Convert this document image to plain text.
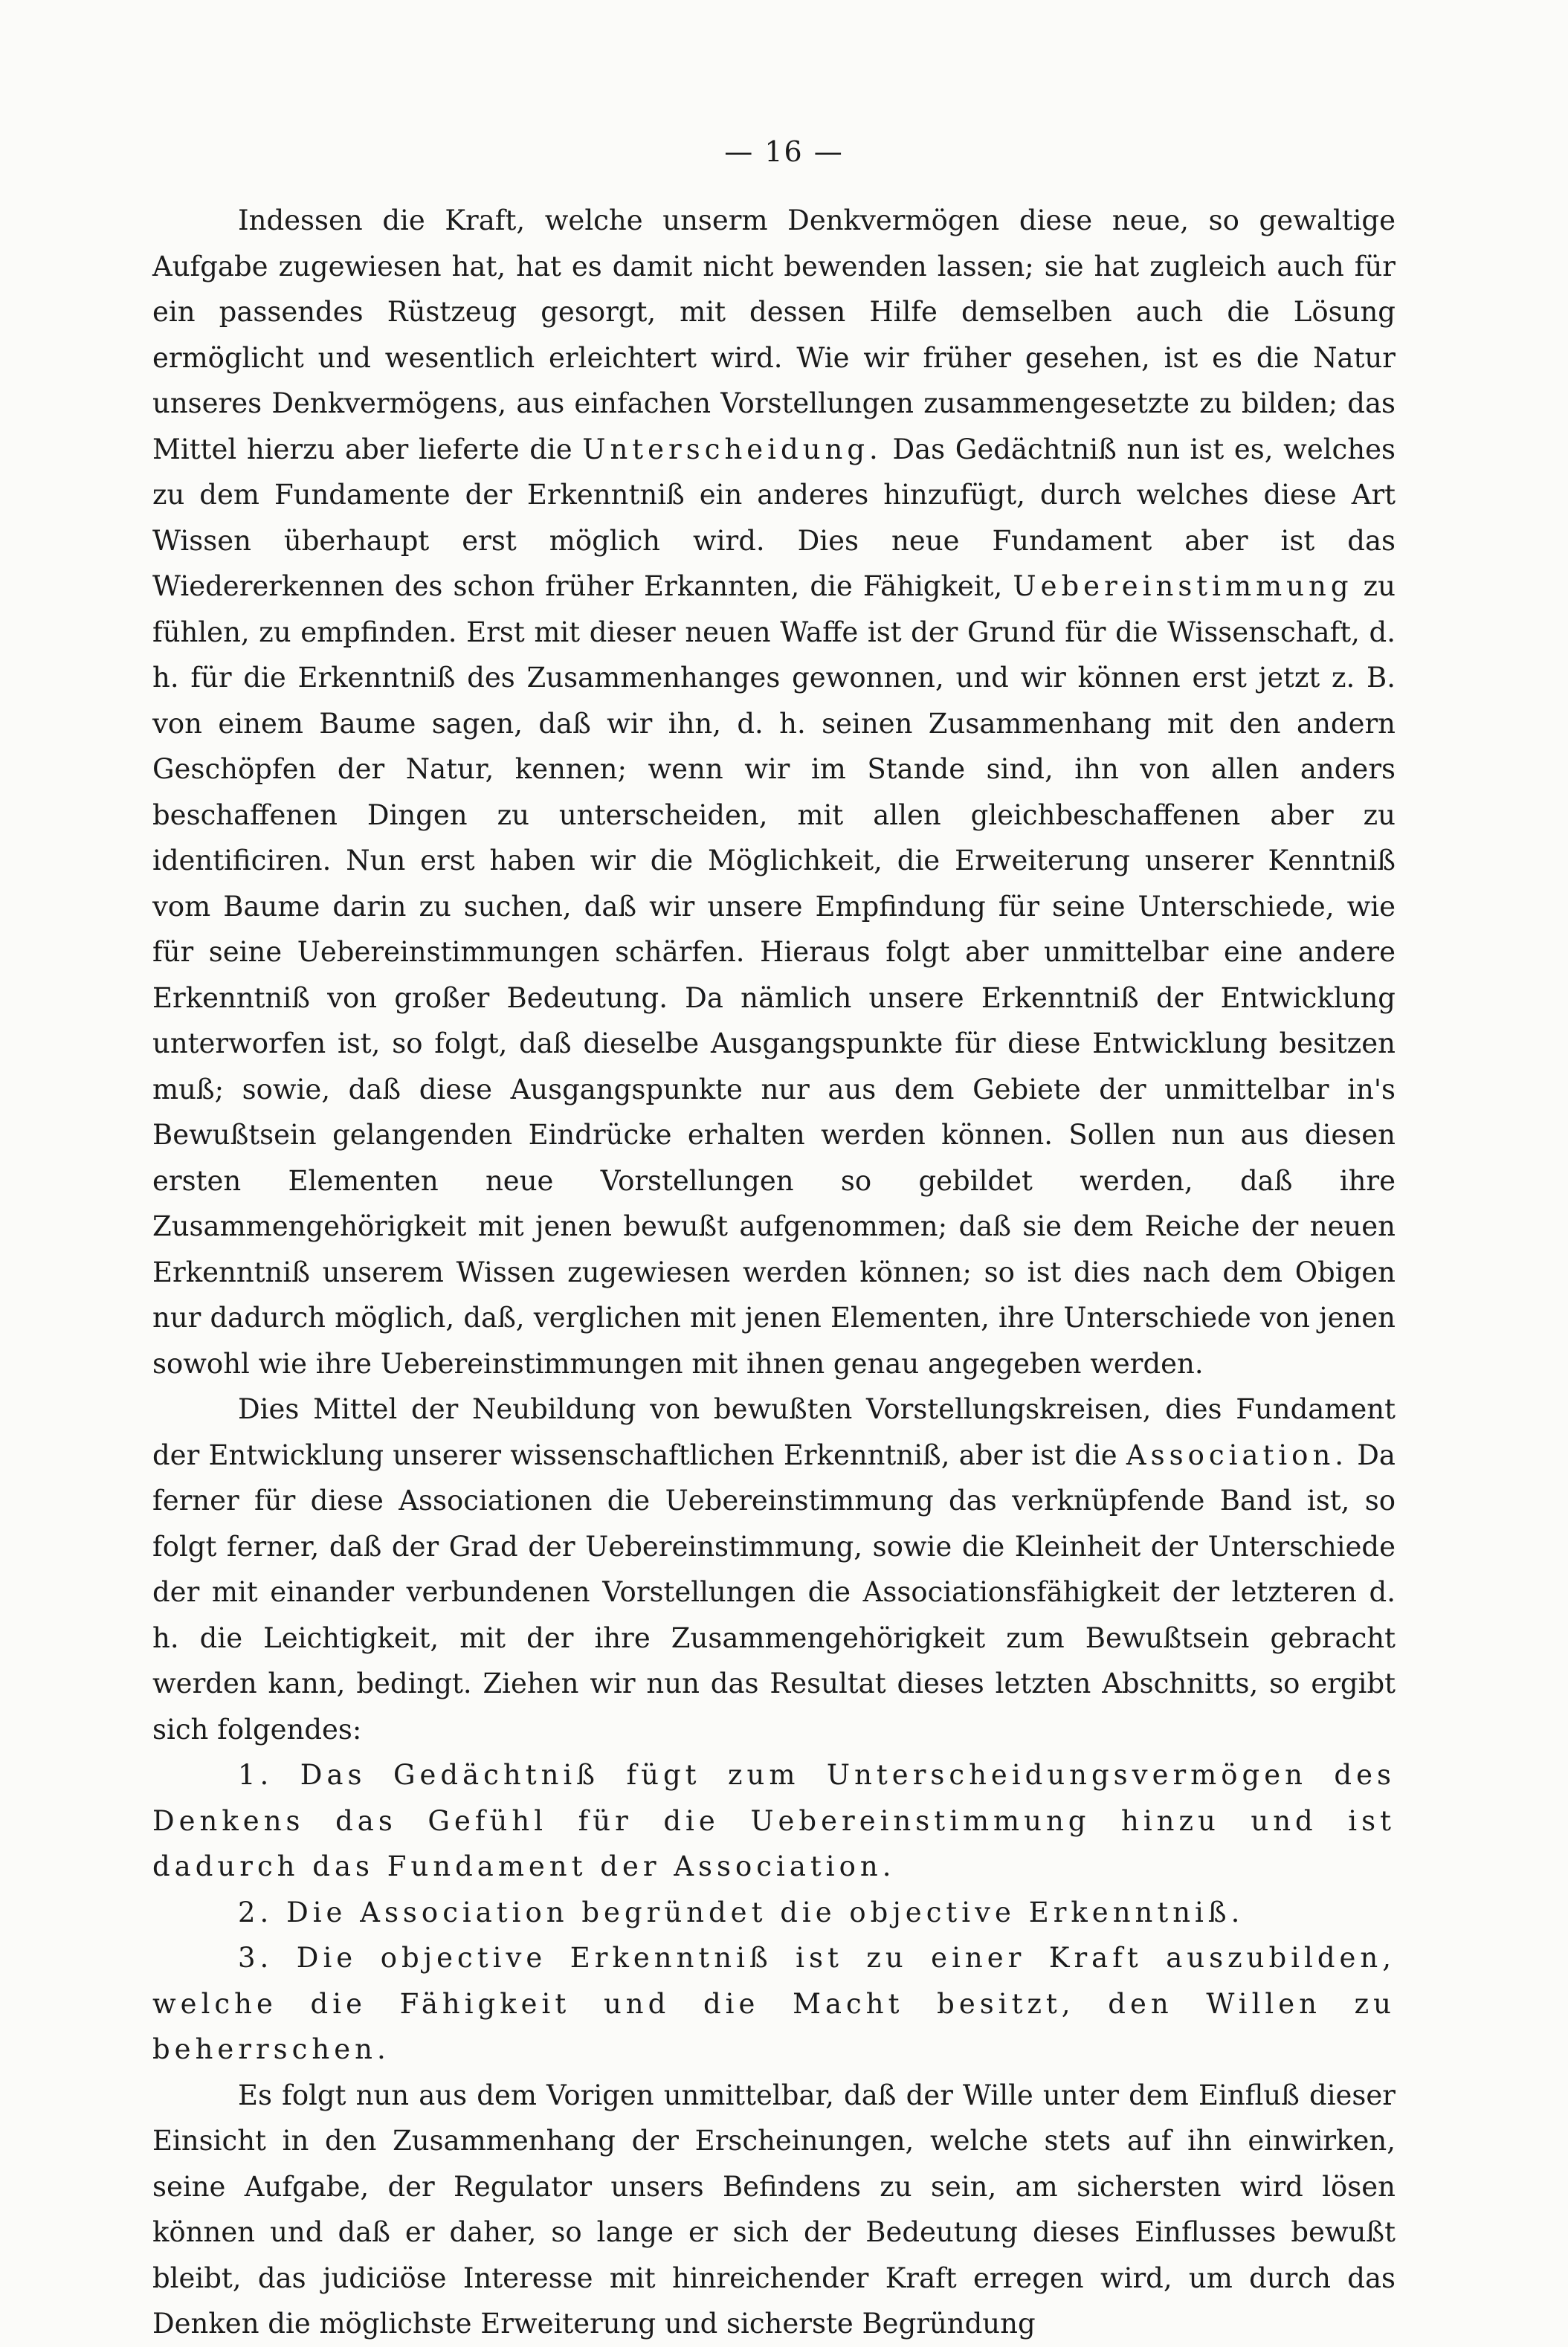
— 16 —

Indessen die Kraft, welche unserm Denkvermögen diese neue, so gewaltige Aufgabe zugewiesen hat, hat es damit nicht bewenden lassen; sie hat zugleich auch für ein passendes Rüstzeug gesorgt, mit dessen Hilfe demselben auch die Lösung ermöglicht und wesentlich erleichtert wird. Wie wir früher gesehen, ist es die Natur unseres Denkvermögens, aus einfachen Vorstellungen zusammengesetzte zu bilden; das Mittel hierzu aber lieferte die Unterscheidung. Das Gedächtniß nun ist es, welches zu dem Fundamente der Erkenntniß ein anderes hinzufügt, durch welches diese Art Wissen überhaupt erst möglich wird. Dies neue Fundament aber ist das Wiedererkennen des schon früher Erkannten, die Fähigkeit, Uebereinstimmung zu fühlen, zu empfinden. Erst mit dieser neuen Waffe ist der Grund für die Wissenschaft, d. h. für die Erkenntniß des Zusammenhanges gewonnen, und wir können erst jetzt z. B. von einem Baume sagen, daß wir ihn, d. h. seinen Zusammenhang mit den andern Geschöpfen der Natur, kennen; wenn wir im Stande sind, ihn von allen anders beschaffenen Dingen zu unterscheiden, mit allen gleichbeschaffenen aber zu identificiren. Nun erst haben wir die Möglichkeit, die Erweiterung unserer Kenntniß vom Baume darin zu suchen, daß wir unsere Empfindung für seine Unterschiede, wie für seine Uebereinstimmungen schärfen. Hieraus folgt aber unmittelbar eine andere Erkenntniß von großer Bedeutung. Da nämlich unsere Erkenntniß der Entwicklung unterworfen ist, so folgt, daß dieselbe Ausgangspunkte für diese Entwicklung besitzen muß; sowie, daß diese Ausgangspunkte nur aus dem Gebiete der unmittelbar in's Bewußtsein gelangenden Eindrücke erhalten werden können. Sollen nun aus diesen ersten Elementen neue Vorstellungen so gebildet werden, daß ihre Zusammengehörigkeit mit jenen bewußt aufgenommen; daß sie dem Reiche der neuen Erkenntniß unserem Wissen zugewiesen werden können; so ist dies nach dem Obigen nur dadurch möglich, daß, verglichen mit jenen Elementen, ihre Unterschiede von jenen sowohl wie ihre Uebereinstimmungen mit ihnen genau angegeben werden.

Dies Mittel der Neubildung von bewußten Vorstellungskreisen, dies Fundament der Entwicklung unserer wissenschaftlichen Erkenntniß, aber ist die Association. Da ferner für diese Associationen die Uebereinstimmung das verknüpfende Band ist, so folgt ferner, daß der Grad der Uebereinstimmung, sowie die Kleinheit der Unterschiede der mit einander verbundenen Vorstellungen die Associationsfähigkeit der letzteren d. h. die Leichtigkeit, mit der ihre Zusammengehörigkeit zum Bewußtsein gebracht werden kann, bedingt. Ziehen wir nun das Resultat dieses letzten Abschnitts, so ergibt sich folgendes:

1. Das Gedächtniß fügt zum Unterscheidungsvermögen des Denkens das Gefühl für die Uebereinstimmung hinzu und ist dadurch das Fundament der Association.

2. Die Association begründet die objective Erkenntniß.

3. Die objective Erkenntniß ist zu einer Kraft auszubilden, welche die Fähigkeit und die Macht besitzt, den Willen zu beherrschen.

Es folgt nun aus dem Vorigen unmittelbar, daß der Wille unter dem Einfluß dieser Einsicht in den Zusammenhang der Erscheinungen, welche stets auf ihn einwirken, seine Aufgabe, der Regulator unsers Befindens zu sein, am sichersten wird lösen können und daß er daher, so lange er sich der Bedeutung dieses Einflusses bewußt bleibt, das judiciöse Interesse mit hinreichender Kraft erregen wird, um durch das Denken die möglichste Erweiterung und sicherste Begründung
